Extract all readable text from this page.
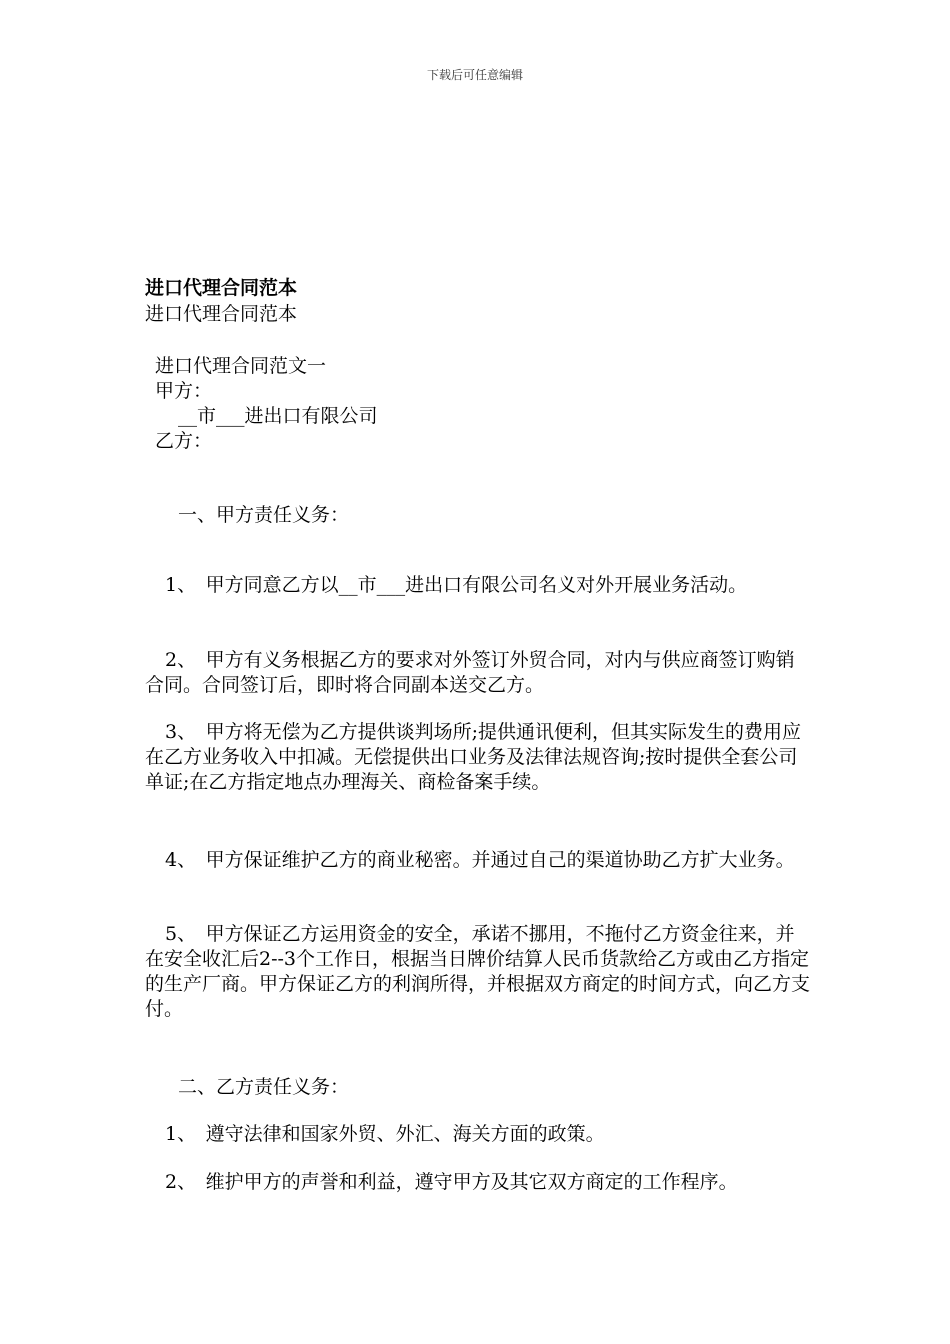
下载后可任意编辑
进口代理合同范本
进口代理合同范本
进口代理合同范文一
甲方：
__市___进出口有限公司
乙方：
一、甲方责任义务：
1、　甲方同意乙方以__市___进出口有限公司名义对外开展业务活动。
2、　甲方有义务根据乙方的要求对外签订外贸合同，对内与供应商签订购销合同。合同签订后，即时将合同副本送交乙方。
3、　甲方将无偿为乙方提供谈判场所;提供通讯便利，但其实际发生的费用应在乙方业务收入中扣减。无偿提供出口业务及法律法规咨询;按时提供全套公司单证;在乙方指定地点办理海关、商检备案手续。
4、　甲方保证维护乙方的商业秘密。并通过自己的渠道协助乙方扩大业务。
5、　甲方保证乙方运用资金的安全，承诺不挪用，不拖付乙方资金往来，并在安全收汇后2--3个工作日，根据当日牌价结算人民币货款给乙方或由乙方指定的生产厂商。甲方保证乙方的利润所得，并根据双方商定的时间方式，向乙方支付。
二、乙方责任义务：
1、　遵守法律和国家外贸、外汇、海关方面的政策。
2、　维护甲方的声誉和利益，遵守甲方及其它双方商定的工作程序。
